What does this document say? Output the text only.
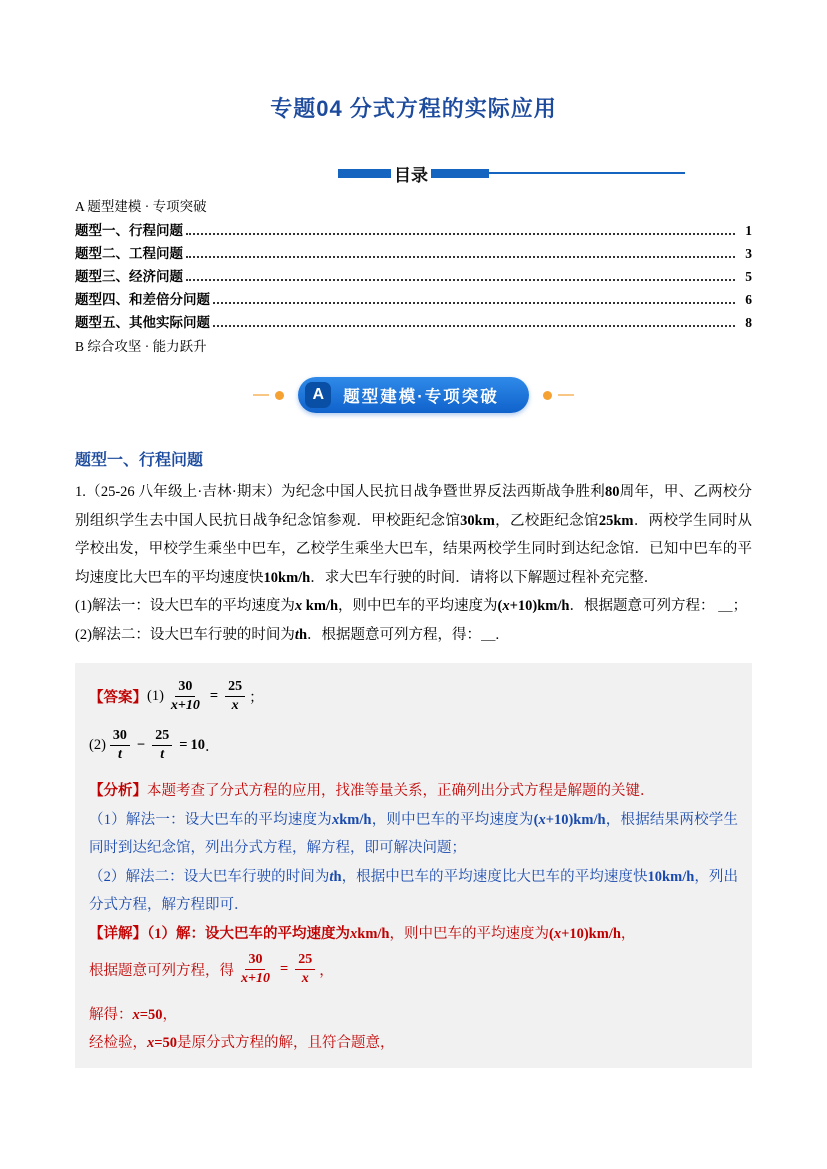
专题04 分式方程的实际应用
目录
A 题型建模 · 专项突破
题型一、行程问题	1
题型二、工程问题	3
题型三、经济问题	5
题型四、和差倍分问题	6
题型五、其他实际问题	8
B 综合攻坚 · 能力跃升
A	题型建模·专项突破
题型一、行程问题
1.（25-26 八年级上·吉林·期末）为纪念中国人民抗日战争暨世界反法西斯战争胜利80周年，甲、乙两校分别组织学生去中国人民抗日战争纪念馆参观．甲校距纪念馆30km，乙校距纪念馆25km．两校学生同时从学校出发，甲校学生乘坐中巴车，乙校学生乘坐大巴车，结果两校学生同时到达纪念馆．已知中巴车的平均速度比大巴车的平均速度快10km/h．求大巴车行驶的时间．请将以下解题过程补充完整．
(1)解法一：设大巴车的平均速度为x km/h，则中巴车的平均速度为(x+10)km/h．根据题意可列方程： ＿；
(2)解法二：设大巴车行驶的时间为th．根据题意可列方程，得：＿.
【答案】 $(1) \frac{30}{x+10} = \frac{25}{x}$ ；
$(2) \frac{30}{t} - \frac{25}{t} = 10$ ．
【分析】本题考查了分式方程的应用，找准等量关系，正确列出分式方程是解题的关键．
（1）解法一：设大巴车的平均速度为xkm/h，则中巴车的平均速度为(x+10)km/h，根据结果两校学生同时到达纪念馆，列出分式方程，解方程，即可解决问题；
（2）解法二：设大巴车行驶的时间为th，根据中巴车的平均速度比大巴车的平均速度快10km/h，列出分式方程，解方程即可．
【详解】（1）解：设大巴车的平均速度为xkm/h，则中巴车的平均速度为(x+10)km/h，
根据题意可列方程，得 $\frac{30}{x+10} = \frac{25}{x}$ ，
解得：x=50，
经检验，x=50是原分式方程的解，且符合题意，
